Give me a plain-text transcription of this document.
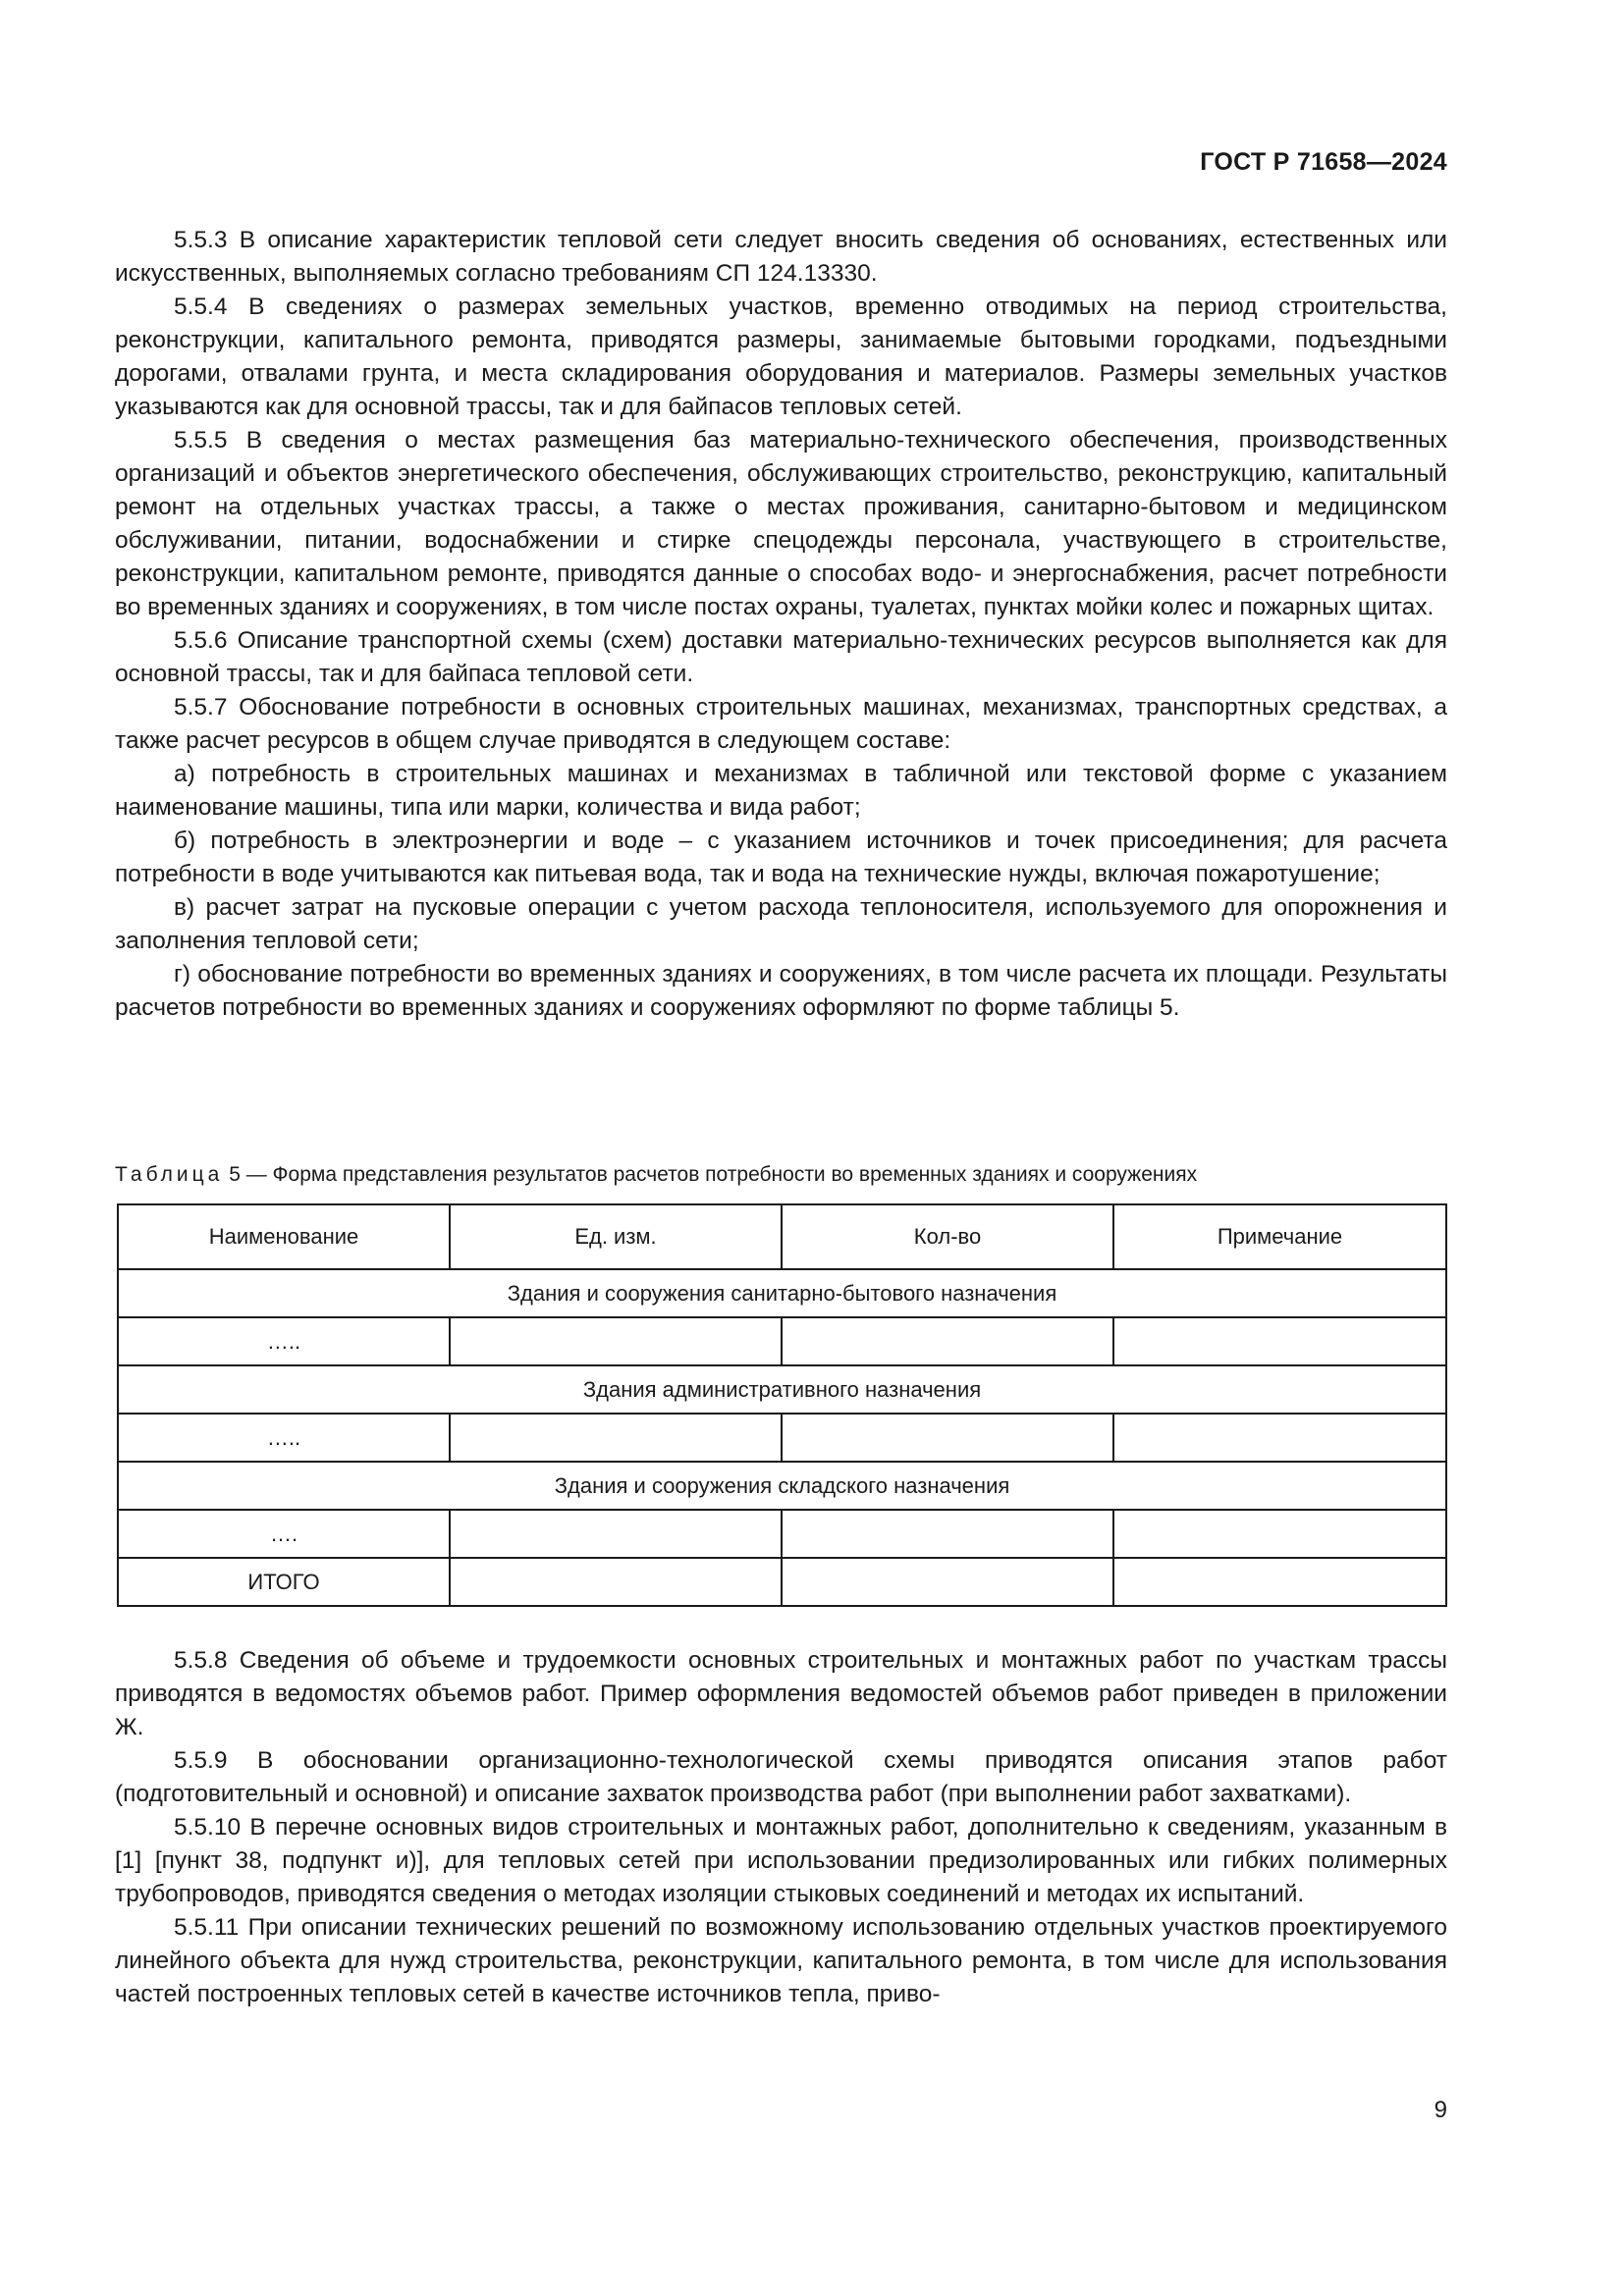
ГОСТ Р 71658—2024

5.5.3 В описание характеристик тепловой сети следует вносить сведения об основаниях, естественных или искусственных, выполняемых согласно требованиям СП 124.13330.

5.5.4 В сведениях о размерах земельных участков, временно отводимых на период строительства, реконструкции, капитального ремонта, приводятся размеры, занимаемые бытовыми городками, подъездными дорогами, отвалами грунта, и места складирования оборудования и материалов. Размеры земельных участков указываются как для основной трассы, так и для байпасов тепловых сетей.

5.5.5 В сведения о местах размещения баз материально-технического обеспечения, производственных организаций и объектов энергетического обеспечения, обслуживающих строительство, реконструкцию, капитальный ремонт на отдельных участках трассы, а также о местах проживания, санитарно-бытовом и медицинском обслуживании, питании, водоснабжении и стирке спецодежды персонала, участвующего в строительстве, реконструкции, капитальном ремонте, приводятся данные о способах водо- и энергоснабжения, расчет потребности во временных зданиях и сооружениях, в том числе постах охраны, туалетах, пунктах мойки колес и пожарных щитах.

5.5.6 Описание транспортной схемы (схем) доставки материально-технических ресурсов выполняется как для основной трассы, так и для байпаса тепловой сети.

5.5.7 Обоснование потребности в основных строительных машинах, механизмах, транспортных средствах, а также расчет ресурсов в общем случае приводятся в следующем составе:

а) потребность в строительных машинах и механизмах в табличной или текстовой форме с указанием наименование машины, типа или марки, количества и вида работ;

б) потребность в электроэнергии и воде – с указанием источников и точек присоединения; для расчета потребности в воде учитываются как питьевая вода, так и вода на технические нужды, включая пожаротушение;

в) расчет затрат на пусковые операции с учетом расхода теплоносителя, используемого для опорожнения и заполнения тепловой сети;

г) обоснование потребности во временных зданиях и сооружениях, в том числе расчета их площади. Результаты расчетов потребности во временных зданиях и сооружениях оформляют по форме таблицы 5.

Таблица 5 — Форма представления результатов расчетов потребности во временных зданиях и сооружениях
Наименование	Ед. изм.	Кол-во	Примечание
Здания и сооружения санитарно-бытового назначения			
…..			
Здания административного назначения			
…..			
Здания и сооружения складского назначения			
….			
ИТОГО			

5.5.8 Сведения об объеме и трудоемкости основных строительных и монтажных работ по участкам трассы приводятся в ведомостях объемов работ. Пример оформления ведомостей объемов работ приведен в приложении Ж.

5.5.9 В обосновании организационно-технологической схемы приводятся описания этапов работ (подготовительный и основной) и описание захваток производства работ (при выполнении работ захватками).

5.5.10 В перечне основных видов строительных и монтажных работ, дополнительно к сведениям, указанным в [1] [пункт 38, подпункт и)], для тепловых сетей при использовании предизолированных или гибких полимерных трубопроводов, приводятся сведения о методах изоляции стыковых соединений и методах их испытаний.

5.5.11 При описании технических решений по возможному использованию отдельных участков проектируемого линейного объекта для нужд строительства, реконструкции, капитального ремонта, в том числе для использования частей построенных тепловых сетей в качестве источников тепла, приво-

9
